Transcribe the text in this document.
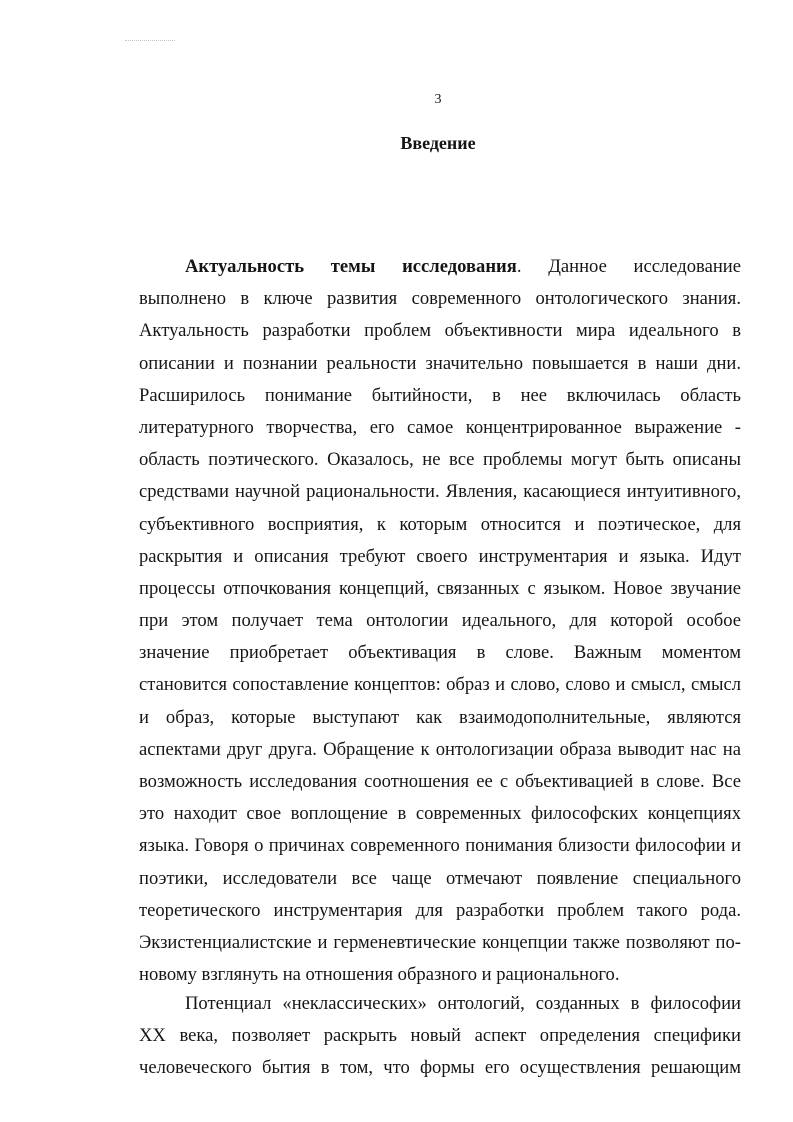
3
Введение
Актуальность темы исследования. Данное исследование
выполнено в ключе развития современного онтологического знания.
Актуальность разработки проблем объективности мира идеального в
описании и познании реальности значительно повышается в наши дни.
Расширилось понимание бытийности, в нее включилась область
литературного творчества, его самое концентрированное выражение -
область поэтического. Оказалось, не все проблемы могут быть описаны
средствами научной рациональности. Явления, касающиеся интуитивного,
субъективного восприятия, к которым относится и поэтическое, для
раскрытия и описания требуют своего инструментария и языка. Идут
процессы отпочкования концепций, связанных с языком. Новое звучание
при этом получает тема онтологии идеального, для которой особое
значение приобретает объективация в слове. Важным моментом
становится сопоставление концептов: образ и слово, слово и смысл, смысл
и образ, которые выступают как взаимодополнительные, являются
аспектами друг друга. Обращение к онтологизации образа выводит нас на
возможность исследования соотношения ее с объективацией в слове. Все
это находит свое воплощение в современных философских концепциях
языка. Говоря о причинах современного понимания близости философии и
поэтики, исследователи все чаще отмечают появление специального
теоретического инструментария для разработки проблем такого рода.
Экзистенциалистские и герменевтические концепции также позволяют по-
новому взглянуть на отношения образного и рационального.
Потенциал «неклассических» онтологий, созданных в философии
XX века, позволяет раскрыть новый аспект определения специфики
человеческого бытия в том, что формы его осуществления решающим
